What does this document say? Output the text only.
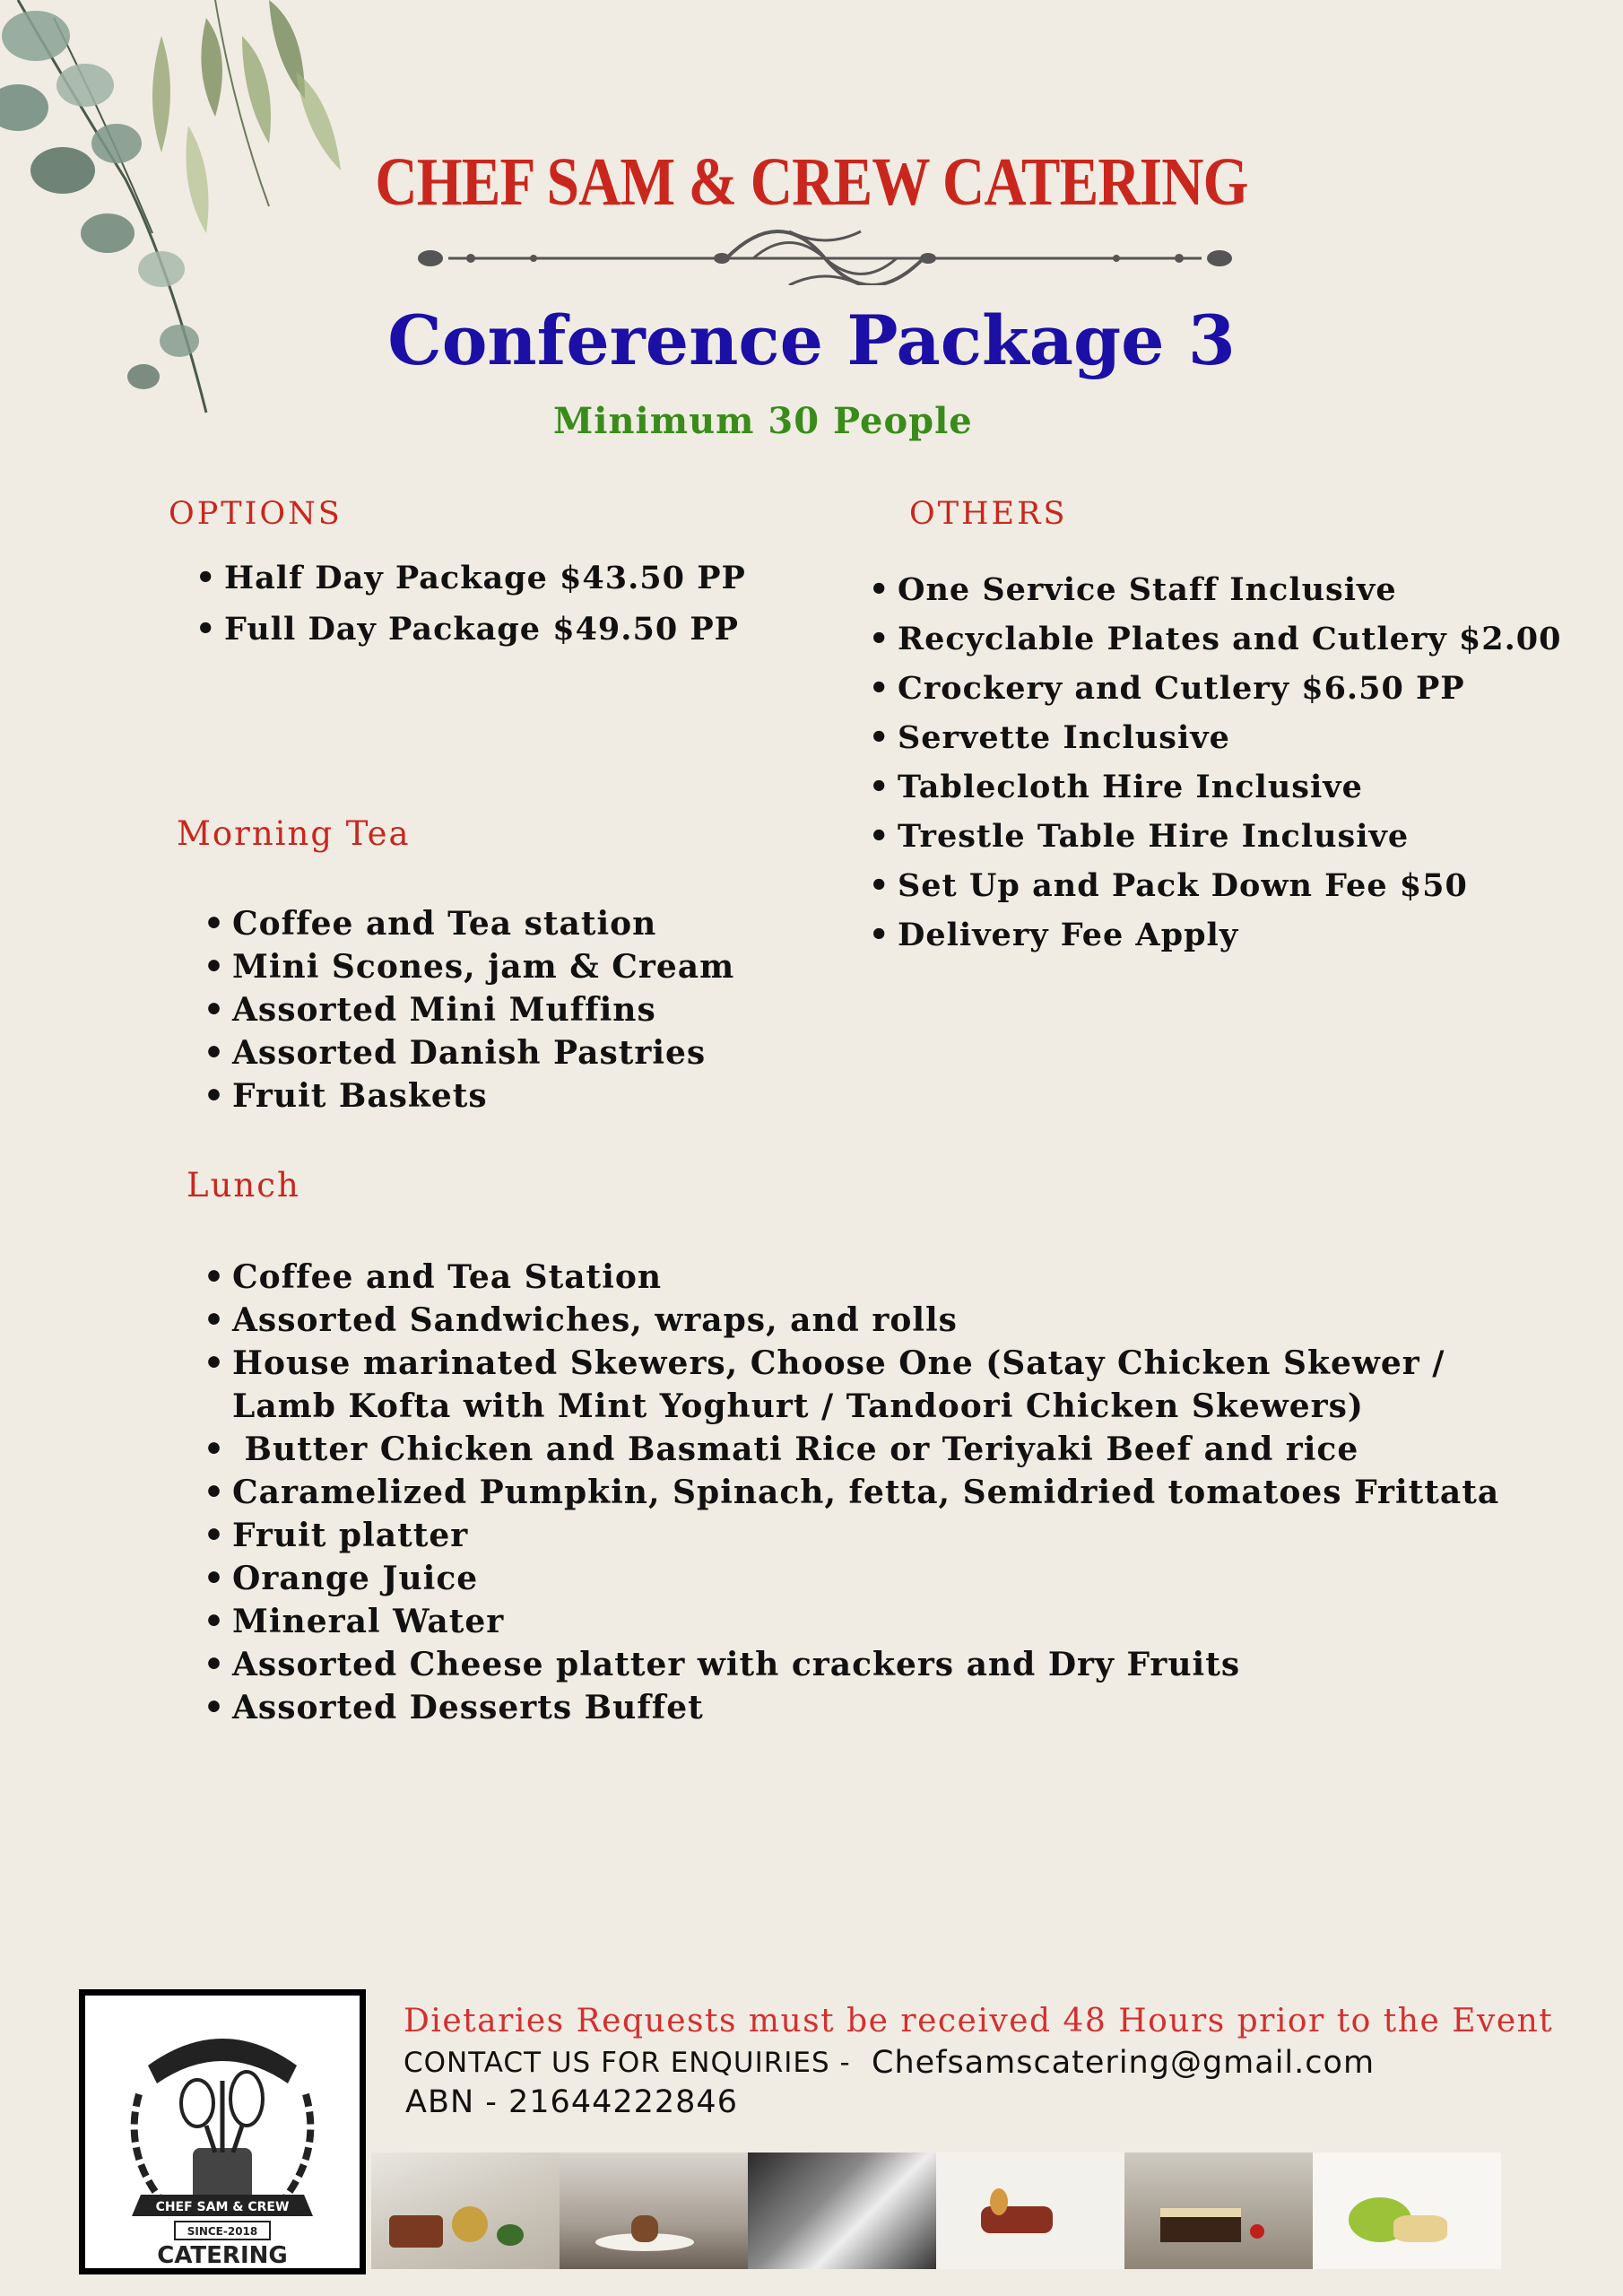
CHEF SAM & CREW CATERING
Conference Package 3
Minimum 30 People
OPTIONS
• Half Day Package $43.50 PP
• Full Day Package $49.50 PP
OTHERS
• One Service Staff Inclusive
• Recyclable Plates and Cutlery $2.00
• Crockery and Cutlery $6.50 PP
• Servette Inclusive
• Tablecloth Hire Inclusive
• Trestle Table Hire Inclusive
• Set Up and Pack Down Fee $50
• Delivery Fee Apply
Morning Tea
• Coffee and Tea station
• Mini Scones, jam & Cream
• Assorted Mini Muffins
• Assorted Danish Pastries
• Fruit Baskets
Lunch
• Coffee and Tea Station
• Assorted Sandwiches, wraps, and rolls
• House marinated Skewers, Choose One (Satay Chicken Skewer / Lamb Kofta with Mint Yoghurt / Tandoori Chicken Skewers)
• Butter Chicken and Basmati Rice or Teriyaki Beef and rice
• Caramelized Pumpkin, Spinach, fetta, Semidried tomatoes Frittata
• Fruit platter
• Orange Juice
• Mineral Water
• Assorted Cheese platter with crackers and Dry Fruits
• Assorted Desserts Buffet
MELBOURNE
CHEF SAM & CREW
SINCE-2018
CATERING
Dietaries Requests must be received 48 Hours prior to the Event
CONTACT US FOR ENQUIRIES - Chefsamscatering@gmail.com
ABN - 21644222846
